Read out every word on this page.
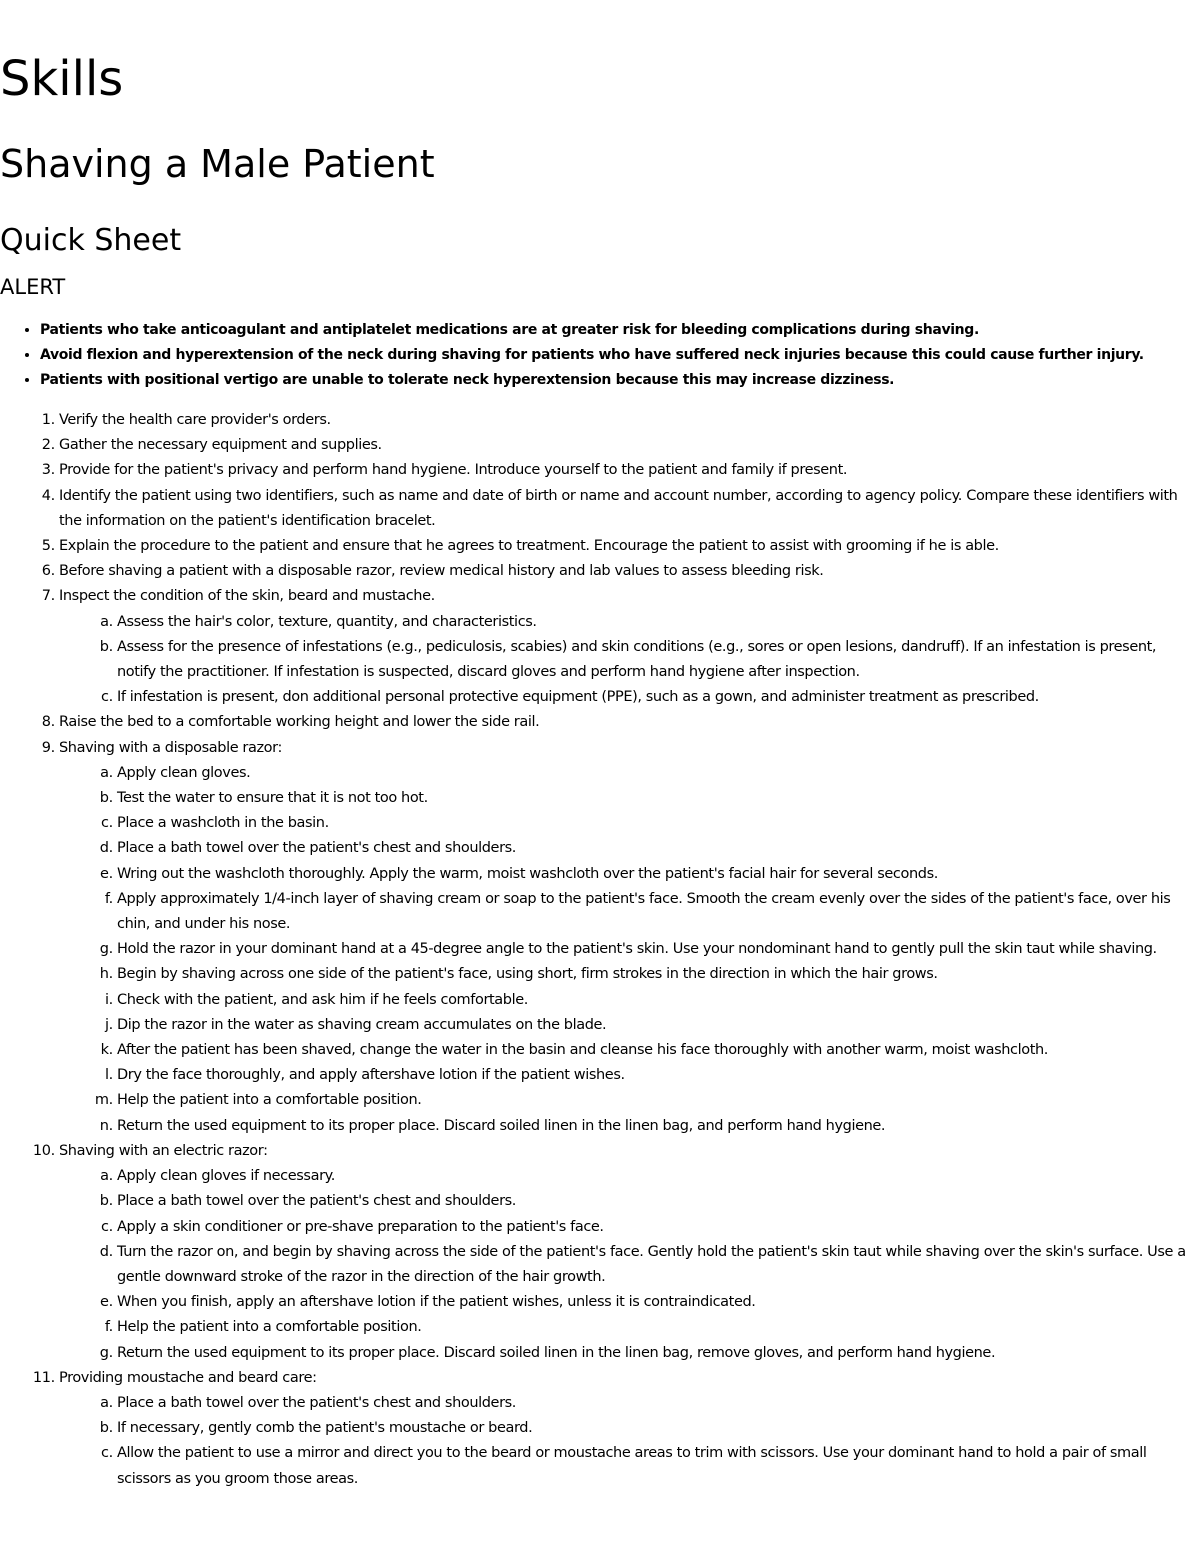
Skills
Shaving a Male Patient
Quick Sheet
ALERT
• Patients who take anticoagulant and antiplatelet medications are at greater risk for bleeding complications during shaving.
• Avoid flexion and hyperextension of the neck during shaving for patients who have suffered neck injuries because this could cause further injury.
• Patients with positional vertigo are unable to tolerate neck hyperextension because this may increase dizziness.
1. Verify the health care provider's orders.
2. Gather the necessary equipment and supplies.
3. Provide for the patient's privacy and perform hand hygiene. Introduce yourself to the patient and family if present.
4. Identify the patient using two identifiers, such as name and date of birth or name and account number, according to agency policy. Compare these identifiers with the information on the patient's identification bracelet.
5. Explain the procedure to the patient and ensure that he agrees to treatment. Encourage the patient to assist with grooming if he is able.
6. Before shaving a patient with a disposable razor, review medical history and lab values to assess bleeding risk.
7. Inspect the condition of the skin, beard and mustache.
a. Assess the hair's color, texture, quantity, and characteristics.
b. Assess for the presence of infestations (e.g., pediculosis, scabies) and skin conditions (e.g., sores or open lesions, dandruff). If an infestation is present, notify the practitioner. If infestation is suspected, discard gloves and perform hand hygiene after inspection.
c. If infestation is present, don additional personal protective equipment (PPE), such as a gown, and administer treatment as prescribed.
8. Raise the bed to a comfortable working height and lower the side rail.
9. Shaving with a disposable razor:
a. Apply clean gloves.
b. Test the water to ensure that it is not too hot.
c. Place a washcloth in the basin.
d. Place a bath towel over the patient's chest and shoulders.
e. Wring out the washcloth thoroughly. Apply the warm, moist washcloth over the patient's facial hair for several seconds.
f. Apply approximately 1/4-inch layer of shaving cream or soap to the patient's face. Smooth the cream evenly over the sides of the patient's face, over his chin, and under his nose.
g. Hold the razor in your dominant hand at a 45-degree angle to the patient's skin. Use your nondominant hand to gently pull the skin taut while shaving.
h. Begin by shaving across one side of the patient's face, using short, firm strokes in the direction in which the hair grows.
i. Check with the patient, and ask him if he feels comfortable.
j. Dip the razor in the water as shaving cream accumulates on the blade.
k. After the patient has been shaved, change the water in the basin and cleanse his face thoroughly with another warm, moist washcloth.
l. Dry the face thoroughly, and apply aftershave lotion if the patient wishes.
m. Help the patient into a comfortable position.
n. Return the used equipment to its proper place. Discard soiled linen in the linen bag, and perform hand hygiene.
10. Shaving with an electric razor:
a. Apply clean gloves if necessary.
b. Place a bath towel over the patient's chest and shoulders.
c. Apply a skin conditioner or pre-shave preparation to the patient's face.
d. Turn the razor on, and begin by shaving across the side of the patient's face. Gently hold the patient's skin taut while shaving over the skin's surface. Use a gentle downward stroke of the razor in the direction of the hair growth.
e. When you finish, apply an aftershave lotion if the patient wishes, unless it is contraindicated.
f. Help the patient into a comfortable position.
g. Return the used equipment to its proper place. Discard soiled linen in the linen bag, remove gloves, and perform hand hygiene.
11. Providing moustache and beard care:
a. Place a bath towel over the patient's chest and shoulders.
b. If necessary, gently comb the patient's moustache or beard.
c. Allow the patient to use a mirror and direct you to the beard or moustache areas to trim with scissors. Use your dominant hand to hold a pair of small scissors as you groom those areas.
